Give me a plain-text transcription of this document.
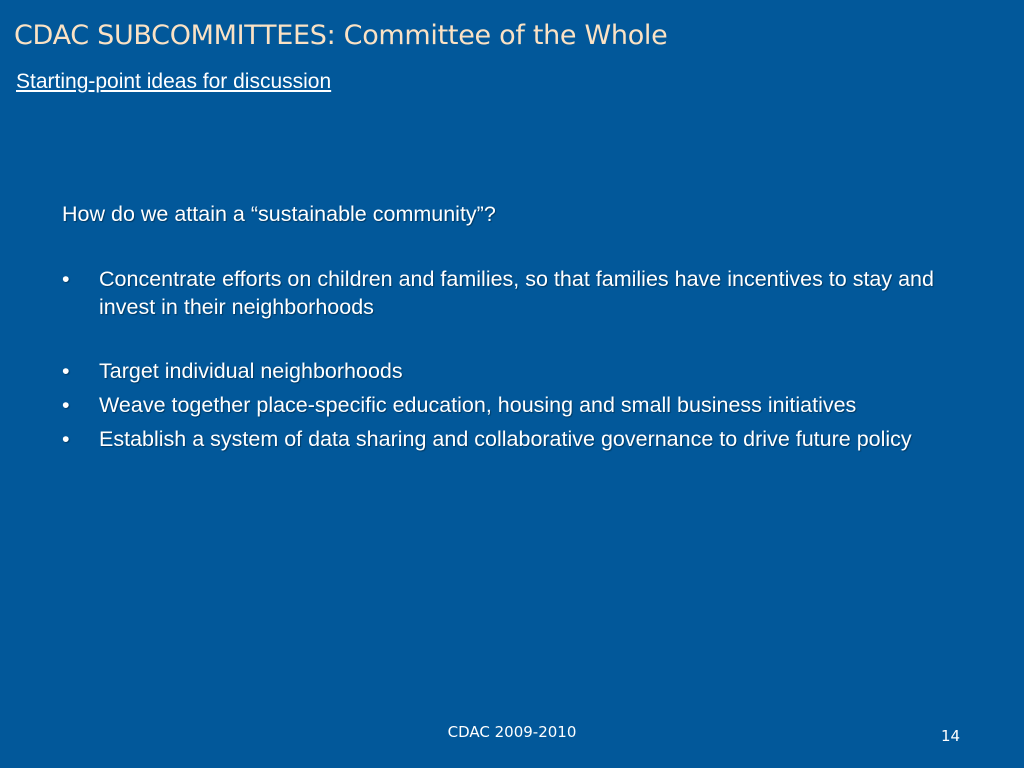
CDAC SUBCOMMITTEES: Committee of the Whole
Starting-point ideas for discussion

How do we attain a “sustainable community”?

• Concentrate efforts on children and families, so that families have incentives to stay and invest in their neighborhoods
• Target individual neighborhoods
• Weave together place-specific education, housing and small business initiatives
• Establish a system of data sharing and collaborative governance to drive future policy
CDAC 2009-2010	14
